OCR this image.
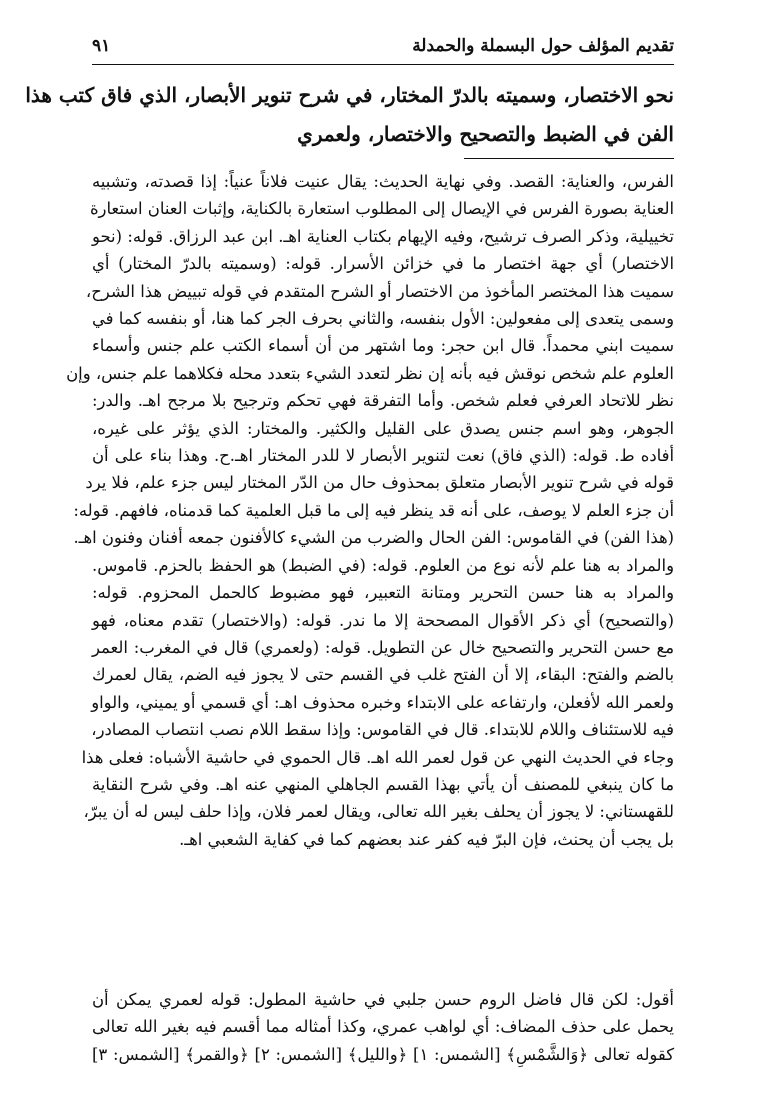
تقديم المؤلف حول البسملة والحمدلة
٩١
نحو الاختصار، وسميته بالدرّ المختار، في شرح تنوير الأبصار، الذي فاق كتب هذا
الفن في الضبط والتصحيح والاختصار، ولعمري
الفرس، والعناية: القصد. وفي نهاية الحديث: يقال عنيت فلاناً عنياً: إذا قصدته، وتشبيه
العناية بصورة الفرس في الإيصال إلى المطلوب استعارة بالكناية، وإثبات العنان استعارة
تخييلية، وذكر الصرف ترشيح، وفيه الإيهام بكتاب العناية اهـ. ابن عبد الرزاق. قوله: (نحو
الاختصار) أي جهة اختصار ما في خزائن الأسرار. قوله: (وسميته بالدرّ المختار) أي
سميت هذا المختصر المأخوذ من الاختصار أو الشرح المتقدم في قوله تبييض هذا الشرح،
وسمى يتعدى إلى مفعولين: الأول بنفسه، والثاني بحرف الجر كما هنا، أو بنفسه كما في
سميت ابني محمداً. قال ابن حجر: وما اشتهر من أن أسماء الكتب علم جنس وأسماء
العلوم علم شخص نوقش فيه بأنه إن نظر لتعدد الشيء بتعدد محله فكلاهما علم جنس، وإن
نظر للاتحاد العرفي فعلم شخص. وأما التفرقة فهي تحكم وترجيح بلا مرجح اهـ. والدر:
الجوهر، وهو اسم جنس يصدق على القليل والكثير. والمختار: الذي يؤثر على غيره،
أفاده ط. قوله: (الذي فاق) نعت لتنوير الأبصار لا للدر المختار اهـ.ح. وهذا بناء على أن
قوله في شرح تنوير الأبصار متعلق بمحذوف حال من الدّر المختار ليس جزء علم، فلا يرد
أن جزء العلم لا يوصف، على أنه قد ينظر فيه إلى ما قبل العلمية كما قدمناه، فافهم. قوله:
(هذا الفن) في القاموس: الفن الحال والضرب من الشيء كالأفنون جمعه أفنان وفنون اهـ.
والمراد به هنا علم لأنه نوع من العلوم. قوله: (في الضبط) هو الحفظ بالحزم. قاموس.
والمراد به هنا حسن التحرير ومتانة التعبير، فهو مضبوط كالحمل المحزوم. قوله:
(والتصحيح) أي ذكر الأقوال المصححة إلا ما ندر. قوله: (والاختصار) تقدم معناه، فهو
مع حسن التحرير والتصحيح خال عن التطويل. قوله: (ولعمري) قال في المغرب: العمر
بالضم والفتح: البقاء، إلا أن الفتح غلب في القسم حتى لا يجوز فيه الضم، يقال لعمرك
ولعمر الله لأفعلن، وارتفاعه على الابتداء وخبره محذوف اهـ: أي قسمي أو يميني، والواو
فيه للاستئناف واللام للابتداء. قال في القاموس: وإذا سقط اللام نصب انتصاب المصادر،
وجاء في الحديث النهي عن قول لعمر الله اهـ. قال الحموي في حاشية الأشباه: فعلى هذا
ما كان ينبغي للمصنف أن يأتي بهذا القسم الجاهلي المنهي عنه اهـ. وفي شرح النقاية
للقهستاني: لا يجوز أن يحلف بغير الله تعالى، ويقال لعمر فلان، وإذا حلف ليس له أن يبرّ،
بل يجب أن يحنث، فإن البرّ فيه كفر عند بعضهم كما في كفاية الشعبي اهـ.
أقول: لكن قال فاضل الروم حسن جلبي في حاشية المطول: قوله لعمري يمكن أن
يحمل على حذف المضاف: أي لواهب عمري، وكذا أمثاله مما أقسم فيه بغير الله تعالى
كقوله تعالى ﴿وَالشَّمْسِ﴾ [الشمس: ١] ﴿والليل﴾ [الشمس: ٢] ﴿والقمر﴾ [الشمس: ٣]
